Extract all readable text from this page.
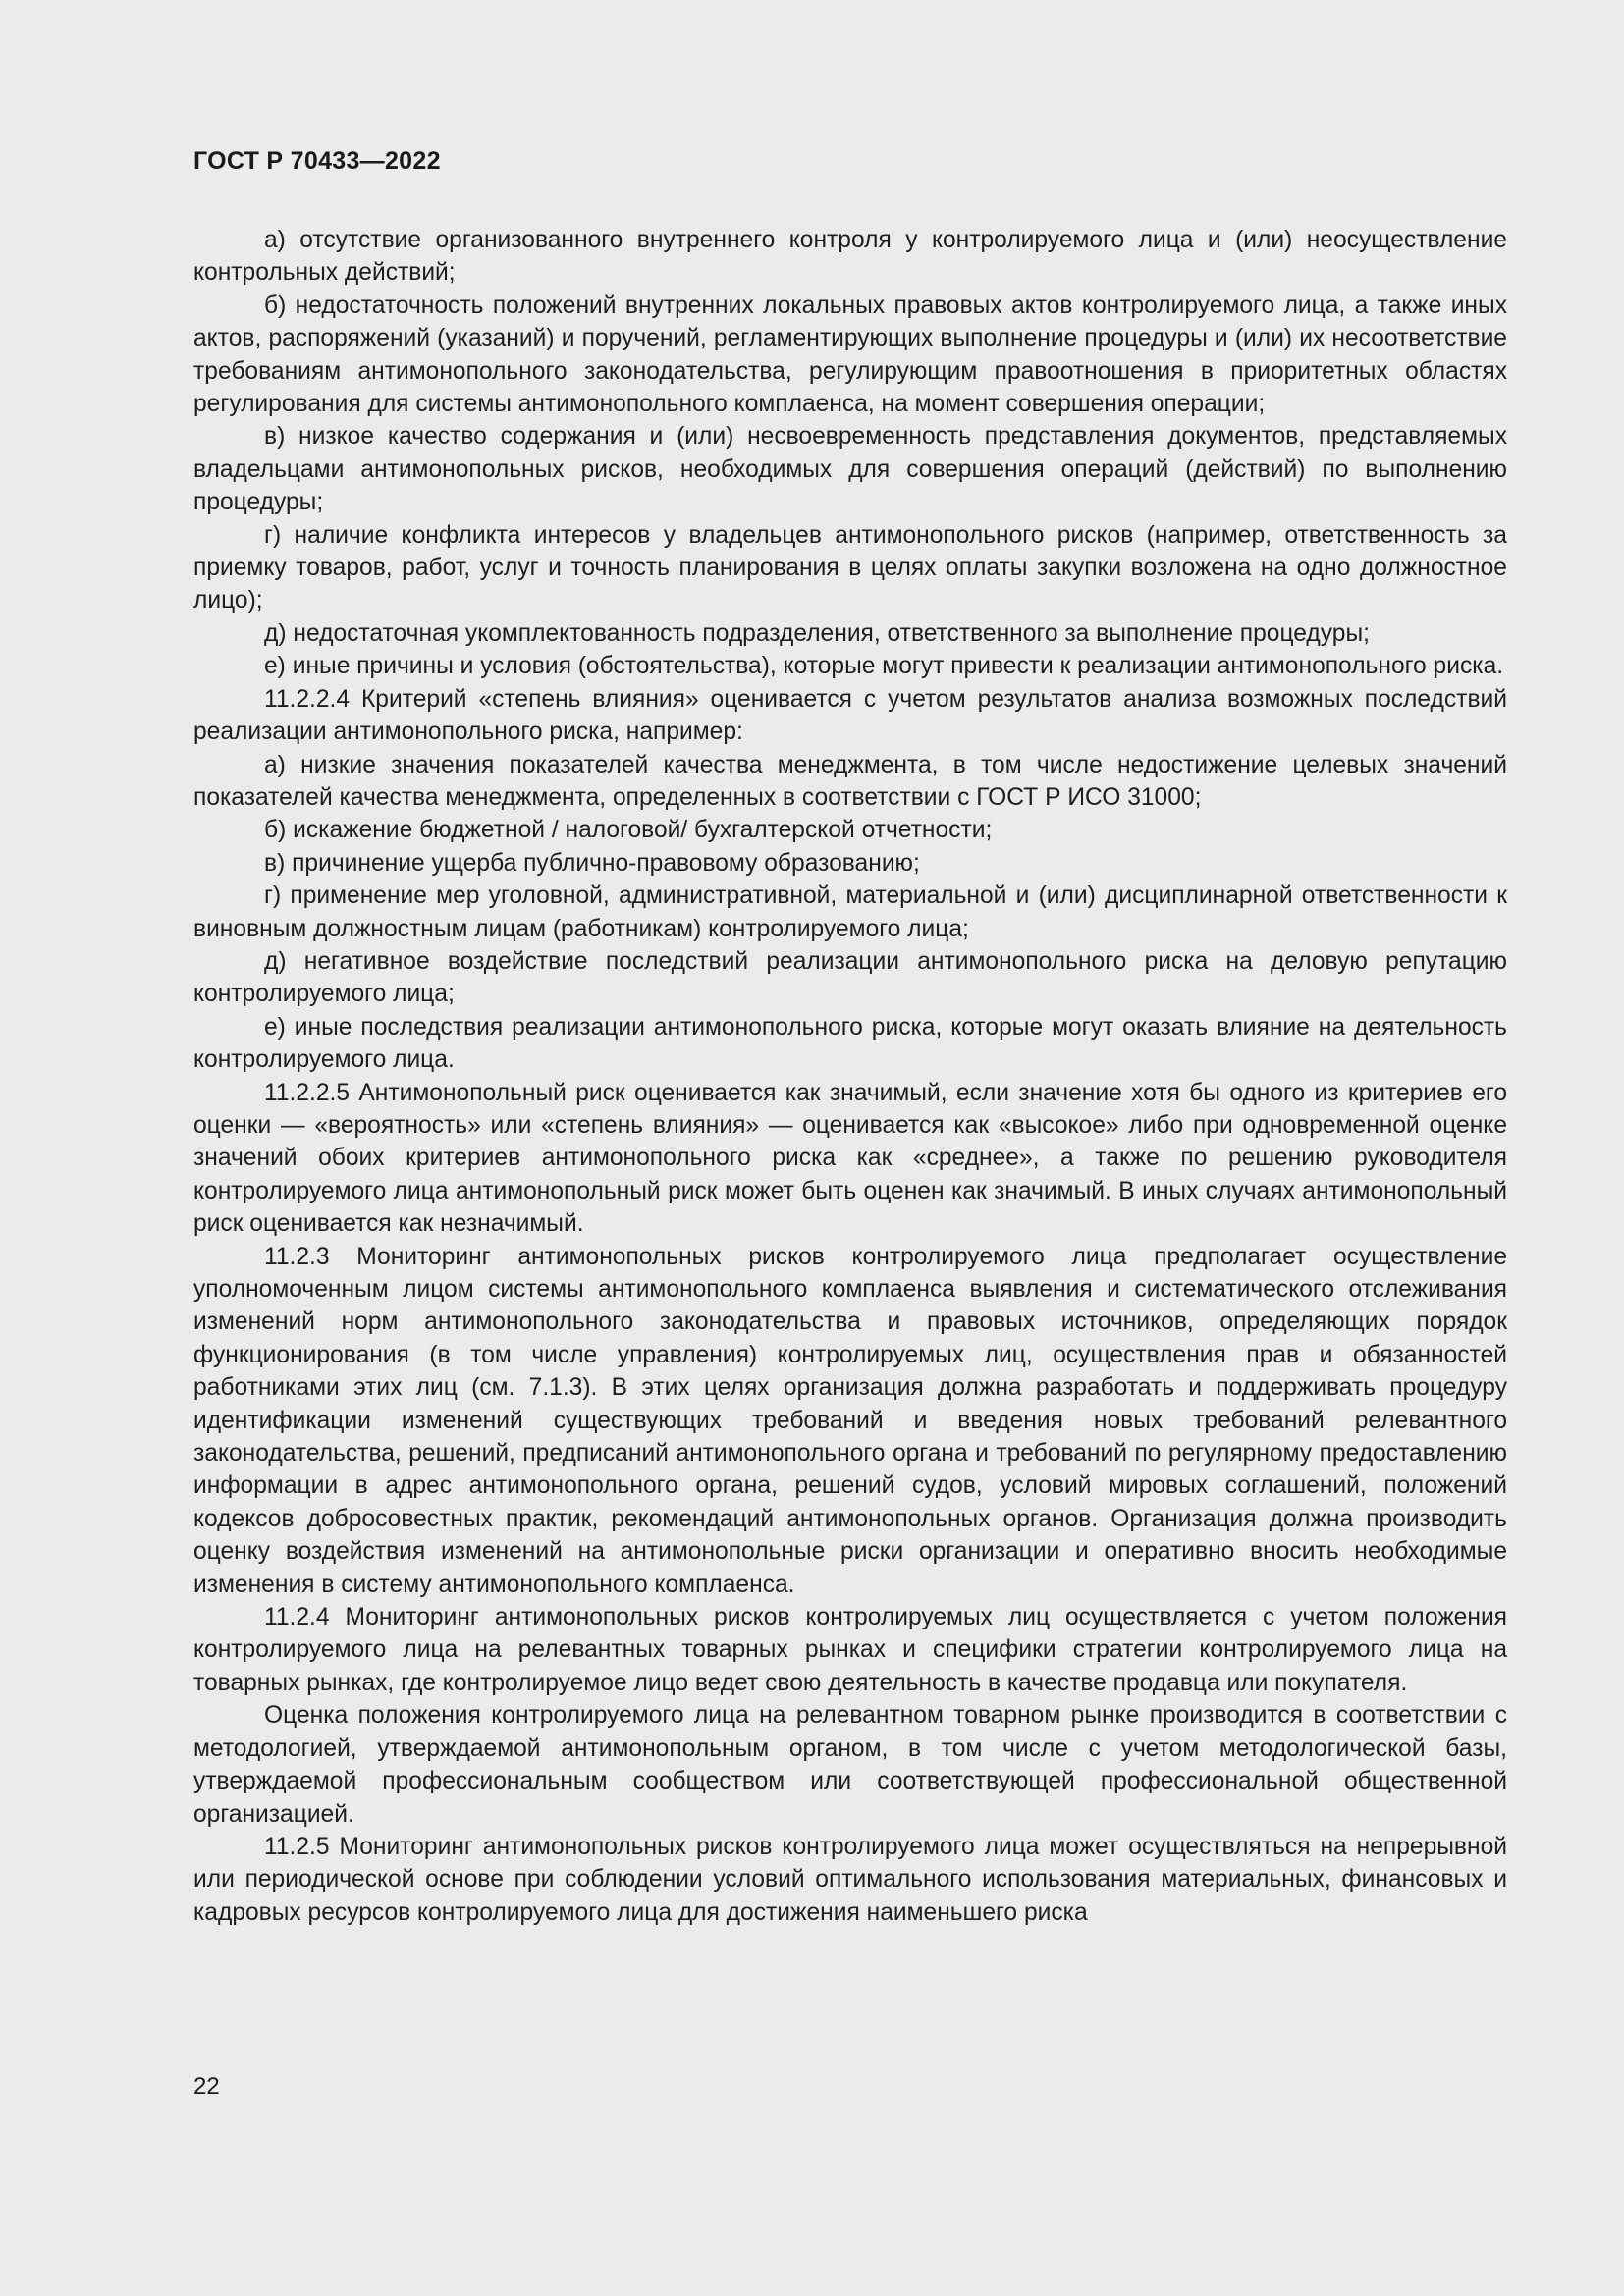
ГОСТ Р 70433—2022

а) отсутствие организованного внутреннего контроля у контролируемого лица и (или) неосуществление контрольных действий;

б) недостаточность положений внутренних локальных правовых актов контролируемого лица, а также иных актов, распоряжений (указаний) и поручений, регламентирующих выполнение процедуры и (или) их несоответствие требованиям антимонопольного законодательства, регулирующим правоотношения в приоритетных областях регулирования для системы антимонопольного комплаенса, на момент совершения операции;

в) низкое качество содержания и (или) несвоевременность представления документов, представляемых владельцами антимонопольных рисков, необходимых для совершения операций (действий) по выполнению процедуры;

г) наличие конфликта интересов у владельцев антимонопольного рисков (например, ответственность за приемку товаров, работ, услуг и точность планирования в целях оплаты закупки возложена на одно должностное лицо);

д) недостаточная укомплектованность подразделения, ответственного за выполнение процедуры;

е) иные причины и условия (обстоятельства), которые могут привести к реализации антимонопольного риска.

11.2.2.4 Критерий «степень влияния» оценивается с учетом результатов анализа возможных последствий реализации антимонопольного риска, например:

а) низкие значения показателей качества менеджмента, в том числе недостижение целевых значений показателей качества менеджмента, определенных в соответствии с ГОСТ Р ИСО 31000;

б) искажение бюджетной / налоговой/ бухгалтерской отчетности;

в) причинение ущерба публично-правовому образованию;

г) применение мер уголовной, административной, материальной и (или) дисциплинарной ответственности к виновным должностным лицам (работникам) контролируемого лица;

д) негативное воздействие последствий реализации антимонопольного риска на деловую репутацию контролируемого лица;

е) иные последствия реализации антимонопольного риска, которые могут оказать влияние на деятельность контролируемого лица.

11.2.2.5 Антимонопольный риск оценивается как значимый, если значение хотя бы одного из критериев его оценки — «вероятность» или «степень влияния» — оценивается как «высокое» либо при одновременной оценке значений обоих критериев антимонопольного риска как «среднее», а также по решению руководителя контролируемого лица антимонопольный риск может быть оценен как значимый. В иных случаях антимонопольный риск оценивается как незначимый.

11.2.3 Мониторинг антимонопольных рисков контролируемого лица предполагает осуществление уполномоченным лицом системы антимонопольного комплаенса выявления и систематического отслеживания изменений норм антимонопольного законодательства и правовых источников, определяющих порядок функционирования (в том числе управления) контролируемых лиц, осуществления прав и обязанностей работниками этих лиц (см. 7.1.3). В этих целях организация должна разработать и поддерживать процедуру идентификации изменений существующих требований и введения новых требований релевантного законодательства, решений, предписаний антимонопольного органа и требований по регулярному предоставлению информации в адрес антимонопольного органа, решений судов, условий мировых соглашений, положений кодексов добросовестных практик, рекомендаций антимонопольных органов. Организация должна производить оценку воздействия изменений на антимонопольные риски организации и оперативно вносить необходимые изменения в систему антимонопольного комплаенса.

11.2.4 Мониторинг антимонопольных рисков контролируемых лиц осуществляется с учетом положения контролируемого лица на релевантных товарных рынках и специфики стратегии контролируемого лица на товарных рынках, где контролируемое лицо ведет свою деятельность в качестве продавца или покупателя.

Оценка положения контролируемого лица на релевантном товарном рынке производится в соответствии с методологией, утверждаемой антимонопольным органом, в том числе с учетом методологической базы, утверждаемой профессиональным сообществом или соответствующей профессиональной общественной организацией.

11.2.5 Мониторинг антимонопольных рисков контролируемого лица может осуществляться на непрерывной или периодической основе при соблюдении условий оптимального использования материальных, финансовых и кадровых ресурсов контролируемого лица для достижения наименьшего риска

22
